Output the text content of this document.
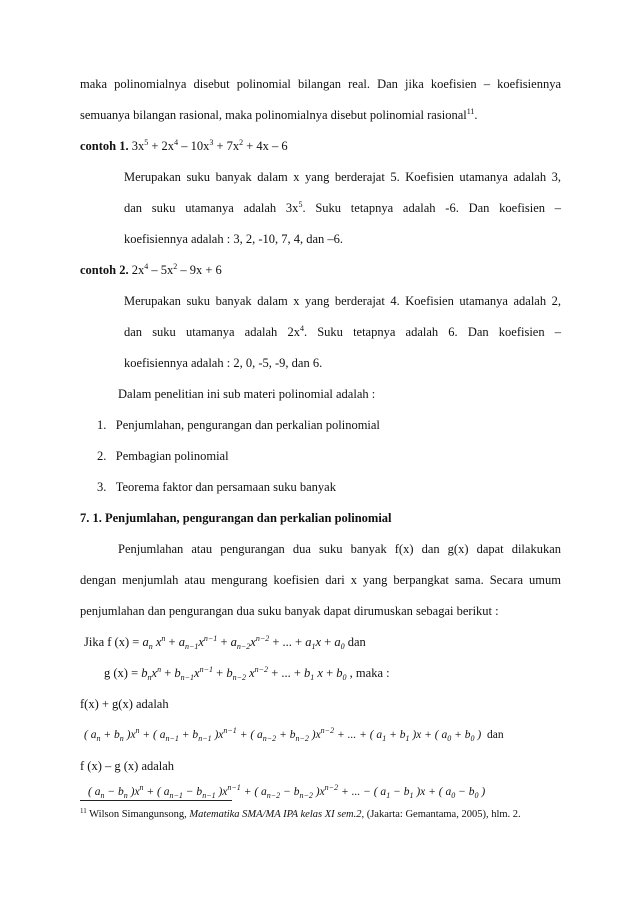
maka polinomialnya disebut polinomial bilangan real. Dan jika koefisien – koefisiennya
semuanya bilangan rasional, maka polinomialnya disebut polinomial rasional$^{11}$.
contoh 1. $3x^5 + 2x^4 - 10x^3 + 7x^2 + 4x - 6$
Merupakan suku banyak dalam x yang berderajat 5. Koefisien utamanya adalah 3,
dan suku utamanya adalah $3x^5$. Suku tetapnya adalah -6. Dan koefisien –
koefisiennya adalah : 3, 2, -10, 7, 4, dan –6.
contoh 2. $2x^4 - 5x^2 - 9x + 6$
Merupakan suku banyak dalam x yang berderajat 4. Koefisien utamanya adalah 2,
dan suku utamanya adalah $2x^4$. Suku tetapnya adalah 6. Dan koefisien –
koefisiennya adalah : 2, 0, -5, -9, dan 6.
Dalam penelitian ini sub materi polinomial adalah :
1. Penjumlahan, pengurangan dan perkalian polinomial
2. Pembagian polinomial
3. Teorema faktor dan persamaan suku banyak
7. 1. Penjumlahan, pengurangan dan perkalian polinomial
Penjumlahan atau pengurangan dua suku banyak f(x) dan g(x) dapat dilakukan
dengan menjumlah atau mengurang koefisien dari x yang berpangkat sama. Secara umum
penjumlahan dan pengurangan dua suku banyak dapat dirumuskan sebagai berikut :
Jika f $(x) = a_n$ $x^n + a_{n-1}x^{n-1} + a_{n-2}x^{n-2}$ + ... + $a_1x + a_0$ dan
g $(x) = b_nx^n + b_{n-1}x^{n-1} + b_{n-2}$ $x^{n-2}$ + ... + $b_1$ $x + b_0$ , maka :
f(x) + g(x) adalah
( $a_n + b_n$ )$x^n$ + ( $a_{n-1} + b_{n-1}$ )$x^{n-1}$ + ( $a_{n-2} + b_{n-2}$ )$x^{n-2}$ + ... + ( $a_1 + b_1$ )x + ( $a_0 + b_0$ ) dan
f (x) – g (x) adalah
( $a_n - b_n$ )$x^n$ + ( $a_{n-1} - b_{n-1}$ )$x^{n-1}$ + ( $a_{n-2} - b_{n-2}$ )$x^{n-2}$ + ... − ( $a_1 - b_1$ )x + ( $a_0 - b_0$ )
$^{11}$ Wilson Simangunsong, Matematika SMA/MA IPA kelas XI sem.2, (Jakarta: Gemantama, 2005), hlm. 2.
